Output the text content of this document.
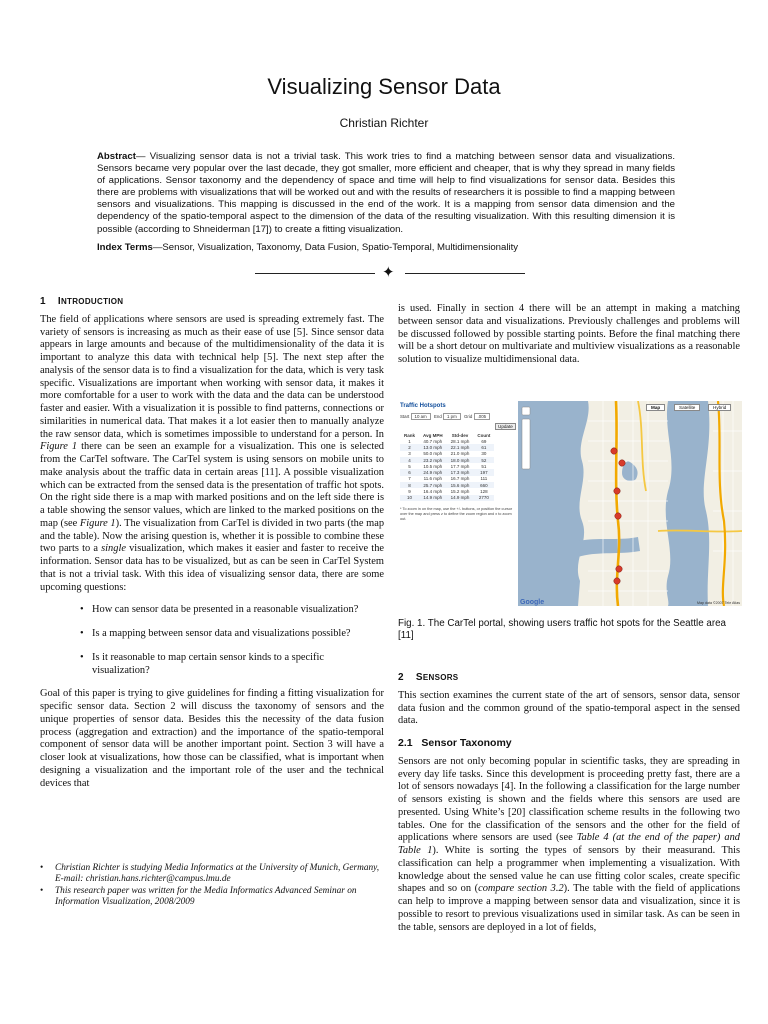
Visualizing Sensor Data
Christian Richter
Abstract— Visualizing sensor data is not a trivial task. This work tries to find a matching between sensor data and visualizations. Sensors became very popular over the last decade, they got smaller, more efficient and cheaper, that is why they spread in many fields of applications. Sensor taxonomy and the dependency of space and time will help to find visualizations for sensor data. Besides this there are problems with visualizations that will be worked out and with the results of researchers it is possible to find a mapping between sensors and visualizations. This mapping is discussed in the end of the work. It is a mapping from sensor data dimension and the dependency of the spatio-temporal aspect to the dimension of the data of the resulting visualization. With this resulting dimension it is possible (according to Shneiderman [17]) to create a fitting visualization.
Index Terms—Sensor, Visualization, Taxonomy, Data Fusion, Spatio-Temporal, Multidimensionality
✦
1 INTRODUCTION

The field of applications where sensors are used is spreading extremely fast. The variety of sensors is increasing as much as their ease of use [5]. Since sensor data appears in large amounts and because of the multidimensionality of the data it is important to analyze this data with technical help [5]. The next step after the analysis of the sensor data is to find a visualization for the data, which is very task specific. Visualizations are important when working with sensor data, it makes it more comfortable for a user to work with the data and the data can be understood faster and easier. With a visualization it is possible to find patterns, connections or similarities in numerical data. That makes it a lot easier then to manually analyze the raw sensor data, which is sometimes impossible to understand for a person. In Figure 1 there can be seen an example for a visualization. This one is selected from the CarTel software. The CarTel system is using sensors on mobile units to make analysis about the traffic data in certain areas [11]. A possible visualization which can be extracted from the sensed data is the presentation of traffic hot spots. On the right side there is a map with marked positions and on the left side there is a table showing the sensor values, which are linked to the marked positions on the map (see Figure 1). The visualization from CarTel is divided in two parts (the map and the table). Now the arising question is, whether it is possible to combine these two parts to a single visualization, which makes it easier and faster to receive the information. Sensor data has to be visualized, but as can be seen in CarTel System that is not a trivial task. With this idea of visualizing sensor data, there are some upcoming questions:

• How can sensor data be presented in a reasonable visualization?
• Is a mapping between sensor data and visualizations possible?
• Is it reasonable to map certain sensor kinds to a specific visualization?

Goal of this paper is trying to give guidelines for finding a fitting visualization for specific sensor data. Section 2 will discuss the taxonomy of sensors and the unique properties of sensor data. Besides this the necessity of the data fusion process (aggregation and extraction) and the importance of the spatio-temporal component of sensor data will be another important point. Section 3 will have a closer look at visualizations, how those can be classified, what is important when designing a visualization and the important role of the user and the technical devices that

• Christian Richter is studying Media Informatics at the University of Munich, Germany, E-mail: christian.hans.richter@campus.lmu.de
• This research paper was written for the Media Informatics Advanced Seminar on Information Visualization, 2008/2009

is used. Finally in section 4 there will be an attempt in making a matching between sensor data and visualizations. Previously challenges and problems will be discussed followed by possible starting points. Before the final matching there will be a short detour on multivariate and multiview visualizations as a reasonable solution to visualize multidimensional data.

Traffic Hotspots
Start 10 am End 1 pm Grid .005
Update
Rank	Avg MPH	Std-dev	Count
1	40.7 mph	28.1 mph	69
2	13.0 mph	22.1 mph	61
3	50.0 mph	21.0 mph	30
4	23.2 mph	18.0 mph	52
5	10.5 mph	17.7 mph	51
6	24.9 mph	17.3 mph	197
7	11.6 mph	16.7 mph	111
8	25.7 mph	15.6 mph	660
9	16.4 mph	15.2 mph	128
10	14.9 mph	14.9 mph	2770
* To zoom in on the map, use the +/- buttons, or position the cursor over the map and press z to define the zoom region and x to zoom out.
Map	Satellite	Hybrid
Google	Map data ©2007 Tele Atlas
Fig. 1. The CarTel portal, showing users traffic hot spots for the Seattle area [11]
2 SENSORS

This section examines the current state of the art of sensors, sensor data, sensor data fusion and the common ground of the spatio-temporal aspect in the sensed data.

2.1 Sensor Taxonomy

Sensors are not only becoming popular in scientific tasks, they are spreading in every day life tasks. Since this development is proceeding pretty fast, there are a lot of sensors nowadays [4]. In the following a classification for the large number of sensors existing is shown and the fields where this sensors are used are presented. Using White’s [20] classification scheme results in the following two tables. One for the classification of the sensors and the other for the field of applications where sensors are used (see Table 4 (at the end of the paper) and Table 1). White is sorting the types of sensors by their measurand. This classification can help a programmer when implementing a visualization. With knowledge about the sensed value he can use fitting color scales, create specific shapes and so on (compare section 3.2). The table with the field of applications can help to improve a mapping between sensor data and visualization, since it is possible to resort to previous visualizations used in similar task. As can be seen in the table, sensors are deployed in a lot of fields,
